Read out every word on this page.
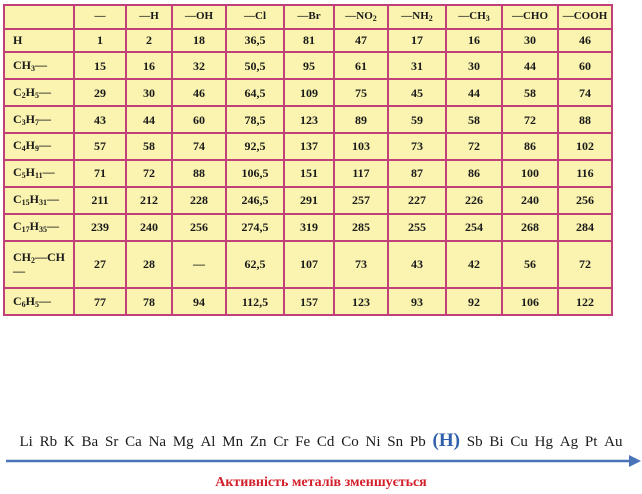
	—	—H	—OH	—Cl	—Br	$—NO_2$	$—NH_2$	$—CH_3$	—CHO	—COOH
H	1	2	18	36,5	81	47	17	16	30	46
$CH_3—$	15	16	32	50,5	95	61	31	30	44	60
$C_2H_5—$	29	30	46	64,5	109	75	45	44	58	74
$C_3H_7—$	43	44	60	78,5	123	89	59	58	72	88
$C_4H_9—$	57	58	74	92,5	137	103	73	72	86	102
$C_5H_{11}—$	71	72	88	106,5	151	117	87	86	100	116
$C_{15}H_{31}—$	211	212	228	246,5	291	257	227	226	240	256
$C_{17}H_{35}—$	239	240	256	274,5	319	285	255	254	268	284
$CH_2—CH—$	27	28	—	62,5	107	73	43	42	56	72
$C_6H_5—$	77	78	94	112,5	157	123	93	92	106	122
Li Rb K Ba Sr Ca Na Mg Al Mn Zn Cr Fe Cd Co Ni Sn Pb (H) Sb Bi Cu Hg Ag Pt Au
Активність металів зменшується
